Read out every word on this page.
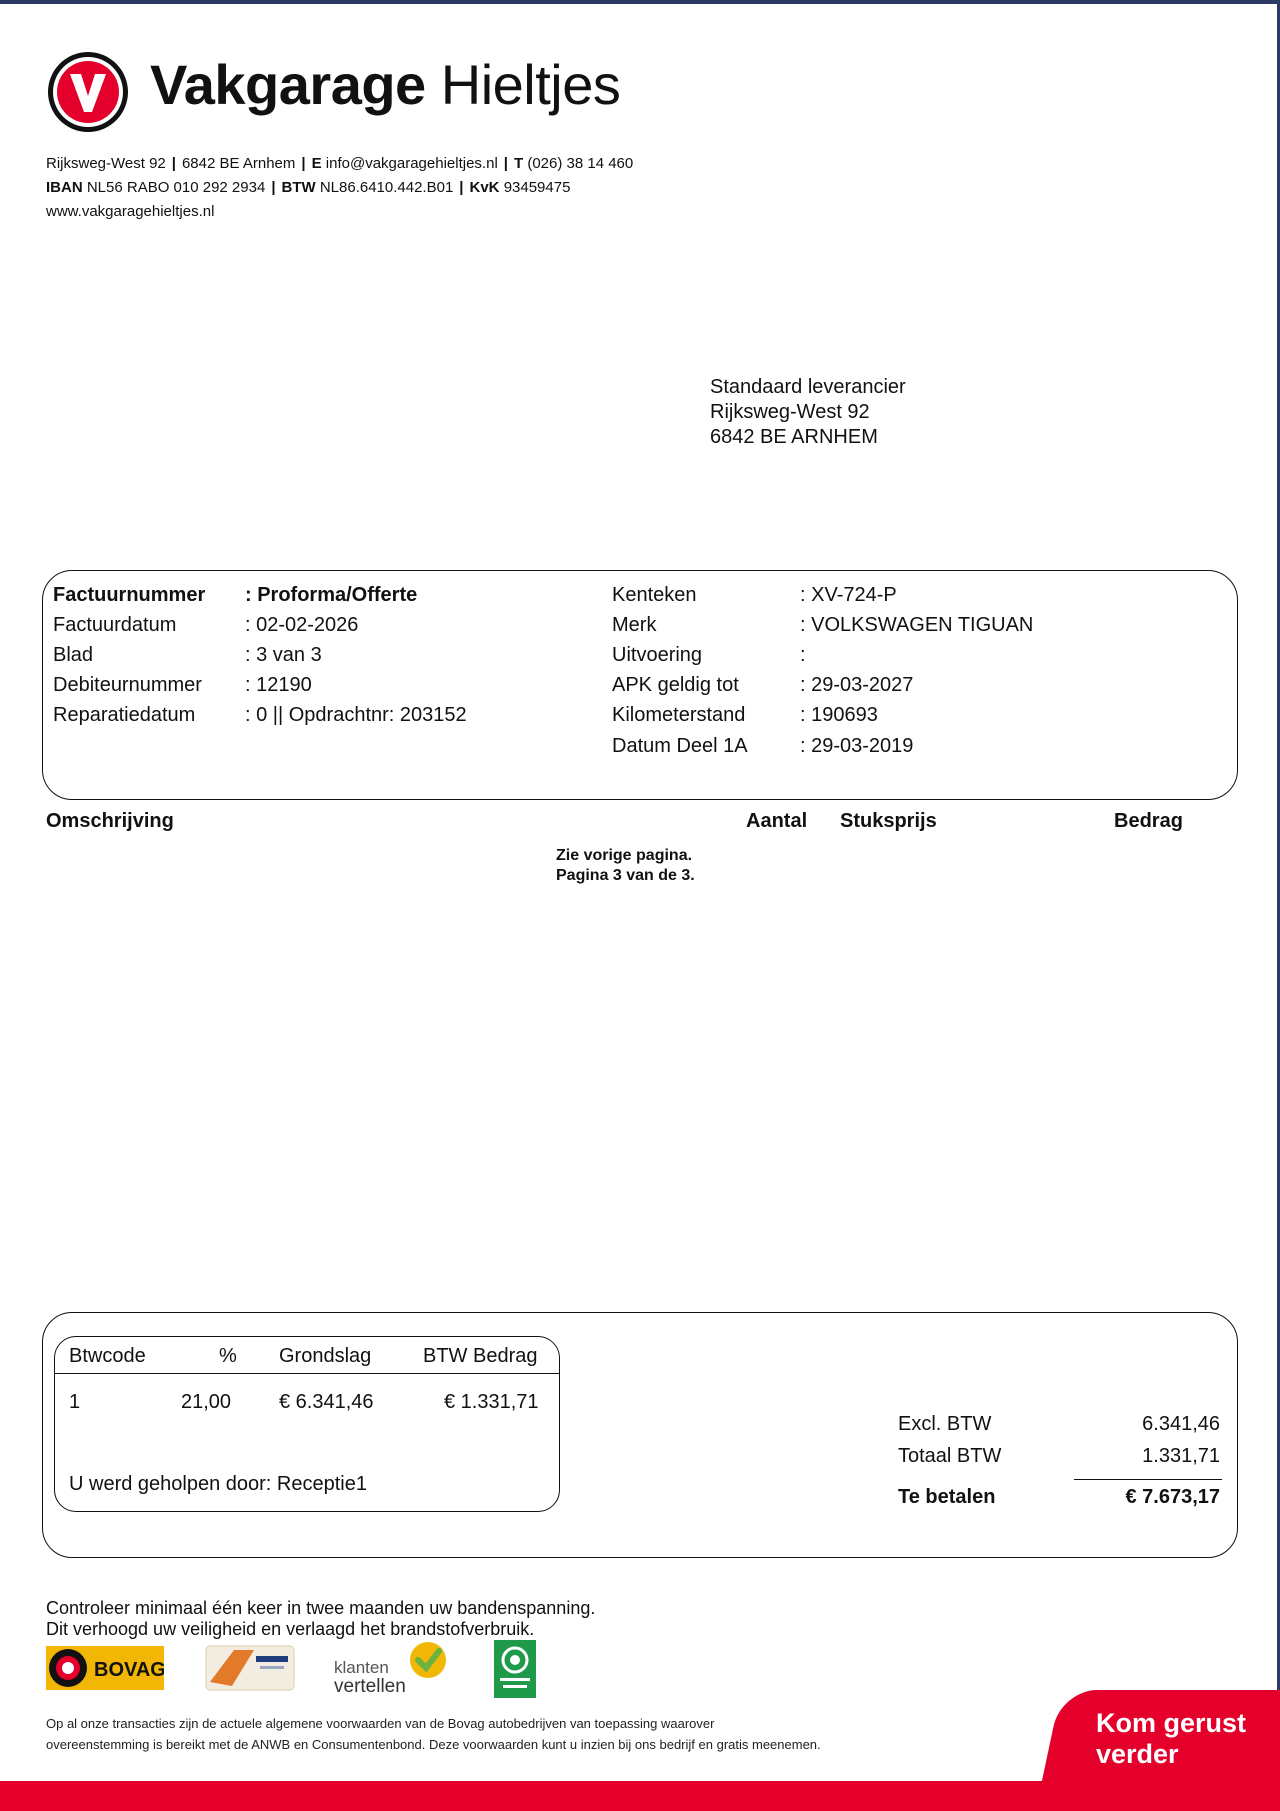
Vakgarage Hieltjes
Rijksweg-West 92 | 6842 BE Arnhem | E info@vakgaragehieltjes.nl | T (026) 38 14 460
IBAN NL56 RABO 010 292 2934 | BTW NL86.6410.442.B01 | KvK 93459475
www.vakgaragehieltjes.nl
Standaard leverancier
Rijksweg-West 92
6842 BE ARNHEM
Factuurnummer : Proforma/Offerte
Factuurdatum	: 02-02-2026
Blad	: 3 van 3
Debiteurnummer : 12190
Reparatiedatum : 0 || Opdrachtnr: 203152
Kenteken	: XV-724-P
Merk	: VOLKSWAGEN TIGUAN
Uitvoering	:
APK geldig tot	: 29-03-2027
Kilometerstand	: 190693
Datum Deel 1A	: 29-03-2019
Omschrijving	Aantal Stuksprijs	Bedrag
Zie vorige pagina.
Pagina 3 van de 3.
Btwcode	% Grondslag	BTW Bedrag
1	21,00 € 6.341,46	€ 1.331,71
U werd geholpen door: Receptie1
Excl. BTW	6.341,46
Totaal BTW	1.331,71
Te betalen	€ 7.673,17
Controleer minimaal één keer in twee maanden uw bandenspanning.
Dit verhoogd uw veiligheid en verlaagd het brandstofverbruik.
BOVAG	klanten
vertellen
Op al onze transacties zijn de actuele algemene voorwaarden van de Bovag autobedrijven van toepassing waarover
overeenstemming is bereikt met de ANWB en Consumentenbond. Deze voorwaarden kunt u inzien bij ons bedrijf en gratis meenemen.
Kom gerust
verder
